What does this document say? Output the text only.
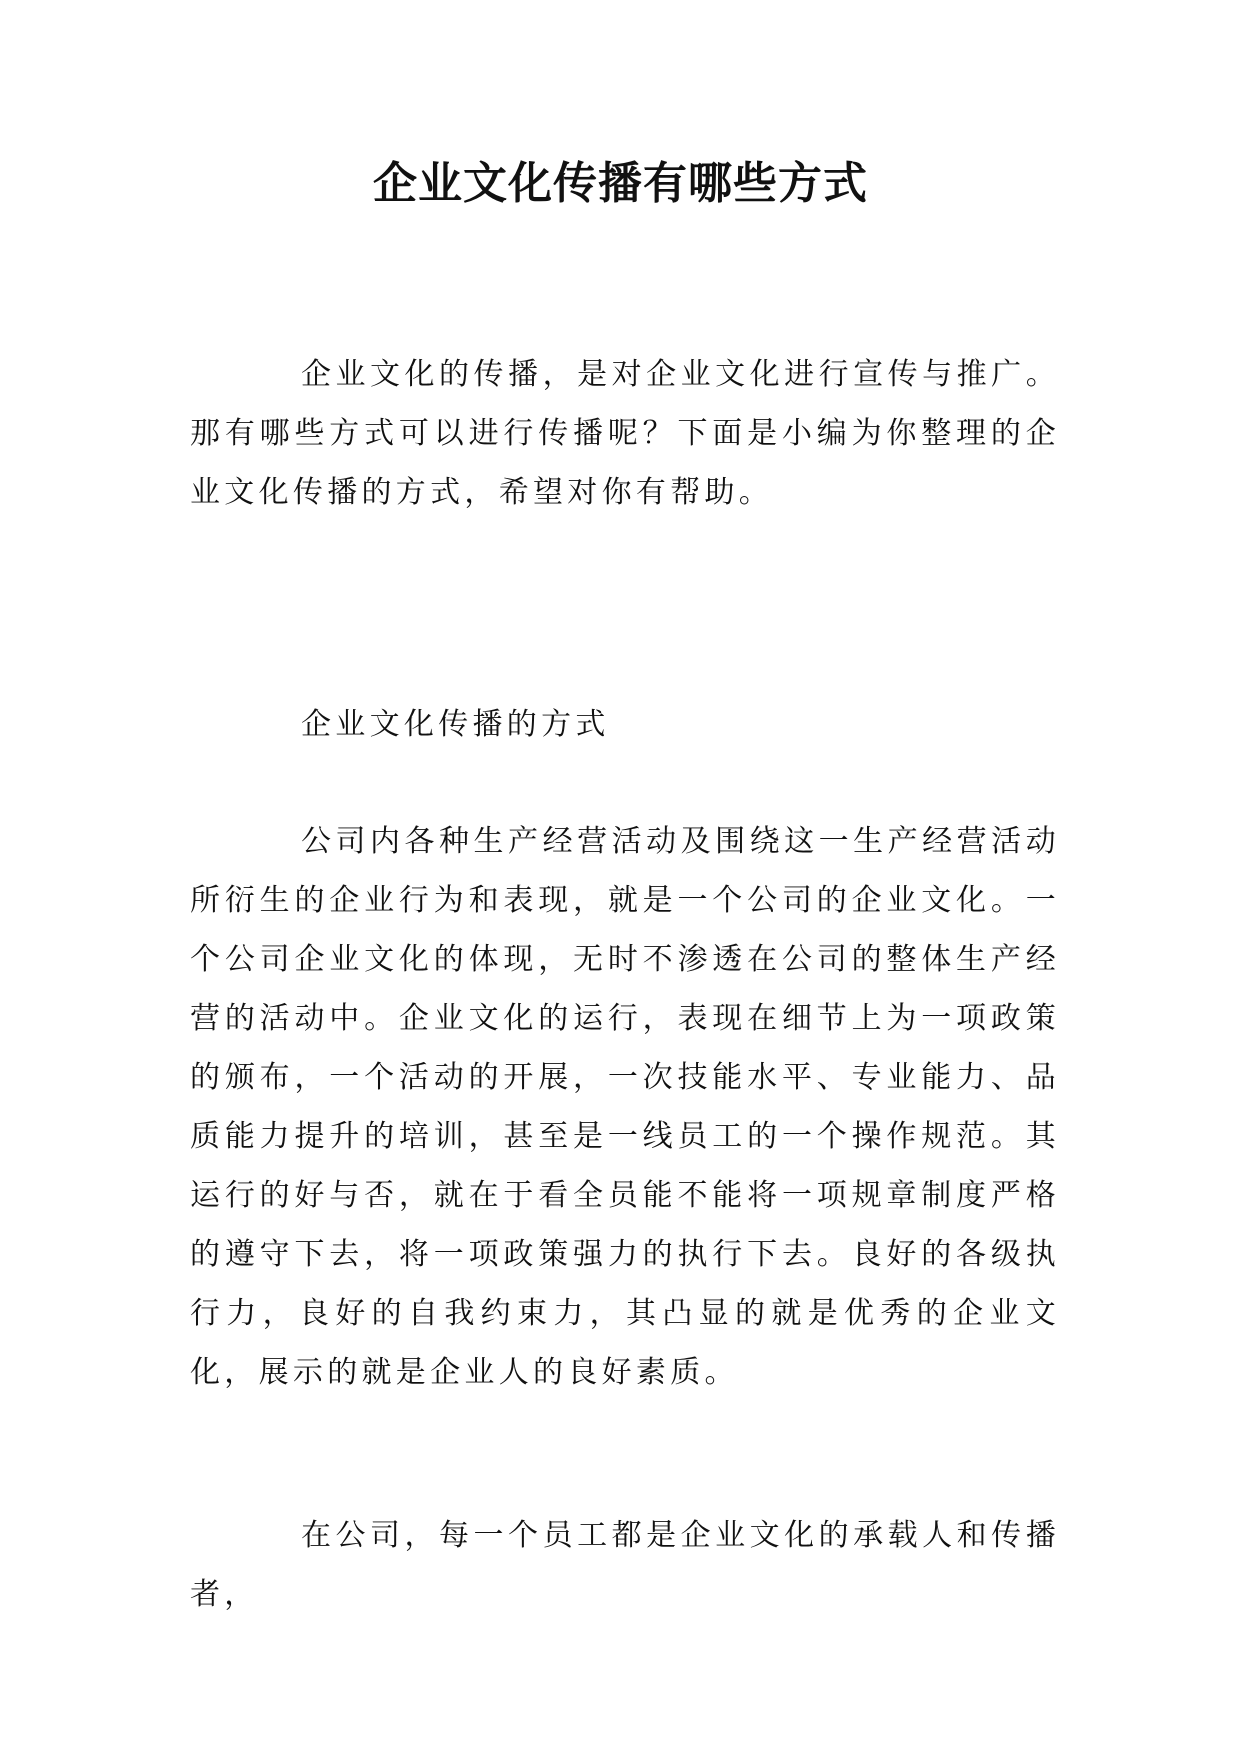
企业文化传播有哪些方式

企业文化的传播，是对企业文化进行宣传与推广。那有哪些方式可以进行传播呢？下面是小编为你整理的企业文化传播的方式，希望对你有帮助。

企业文化传播的方式

公司内各种生产经营活动及围绕这一生产经营活动所衍生的企业行为和表现，就是一个公司的企业文化。一个公司企业文化的体现，无时不渗透在公司的整体生产经营的活动中。企业文化的运行，表现在细节上为一项政策的颁布，一个活动的开展，一次技能水平、专业能力、品质能力提升的培训，甚至是一线员工的一个操作规范。其运行的好与否，就在于看全员能不能将一项规章制度严格的遵守下去，将一项政策强力的执行下去。良好的各级执行力，良好的自我约束力，其凸显的就是优秀的企业文化，展示的就是企业人的良好素质。

在公司，每一个员工都是企业文化的承载人和传播者，
